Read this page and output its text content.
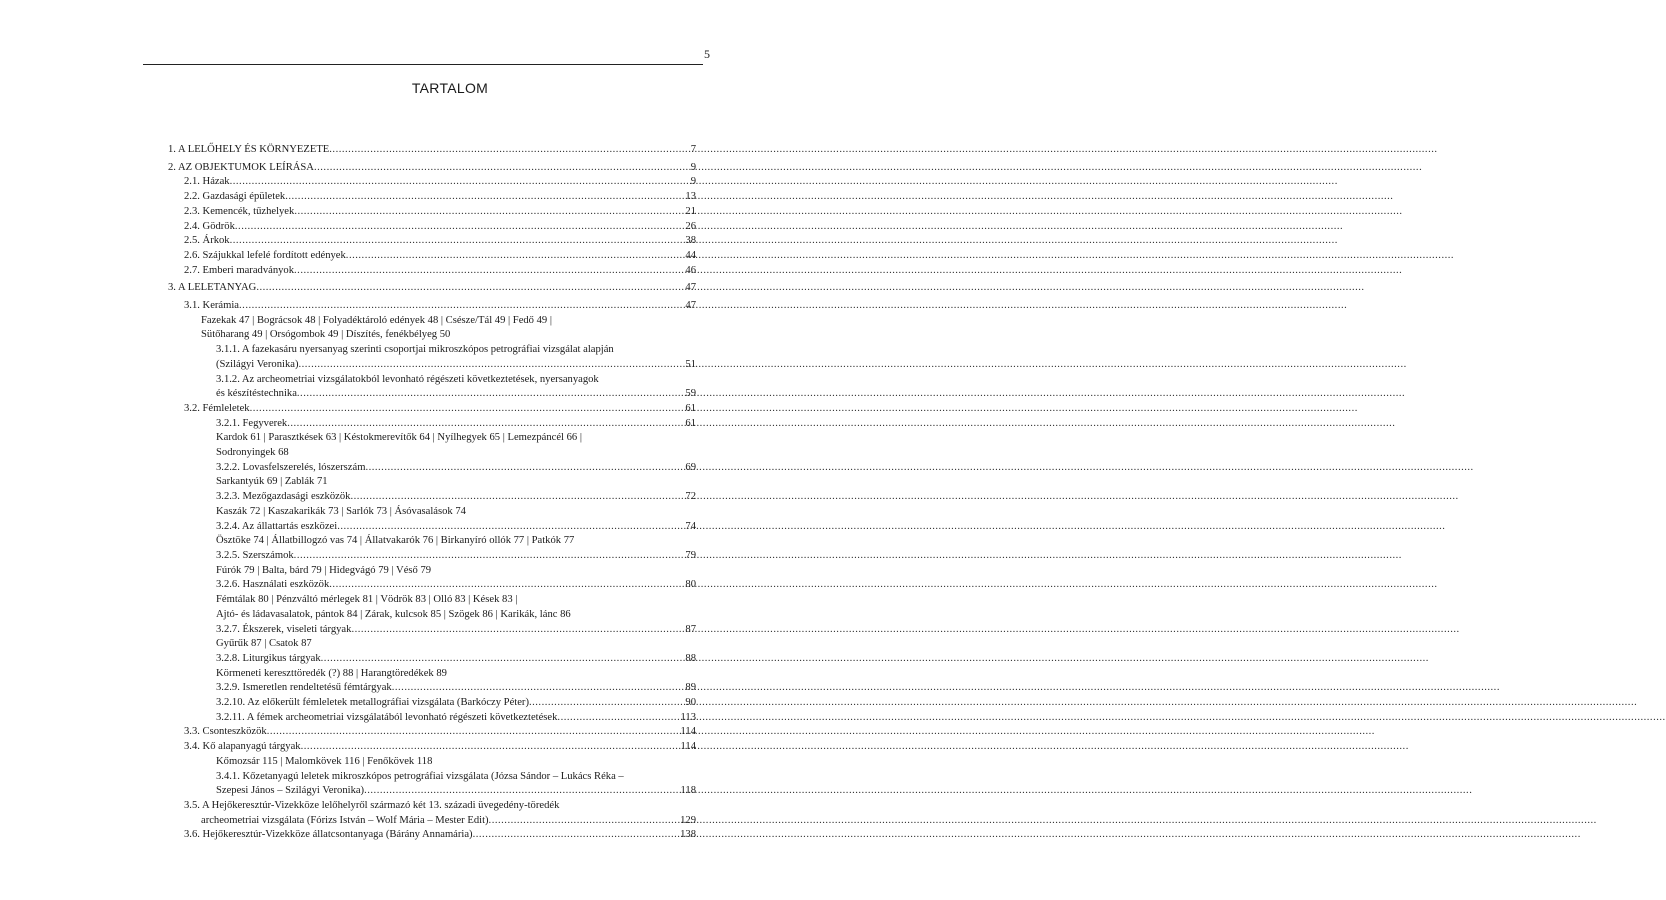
5
TARTALOM
1. A LELŐHELY ÉS KÖRNYEZETE .....	7
2. AZ OBJEKTUMOK LEÍRÁSA .....	9
2.1. Házak .....	9
2.2. Gazdasági épületek .....	13
2.3. Kemencék, tűzhelyek .....	21
2.4. Gödrök .....	26
2.5. Árkok .....	38
2.6. Szájukkal lefelé fordított edények .....	44
2.7. Emberi maradványok .....	46
3. A LELETANYAG .....	47
3.1. Kerámia .....	47
Fazekak 47 | Bográcsok 48 | Folyadéktároló edények 48 | Csésze/Tál 49 | Fedő 49 |
Sütőharang 49 | Orsógombok 49 | Díszítés, fenékbélyeg 50
3.1.1. A fazekasáru nyersanyag szerinti csoportjai mikroszkópos petrográfiai vizsgálat alapján
(Szilágyi Veronika) .....	51
3.1.2. Az archeometriai vizsgálatokból levonható régészeti következtetések, nyersanyagok
és készítéstechnika .....	59
3.2. Fémleletek .....	61
3.2.1. Fegyverek .....	61
Kardok 61 | Parasztkések 63 | Késtokmerevítők 64 | Nyílhegyek 65 | Lemezpáncél 66 |
Sodronyingek 68
3.2.2. Lovasfelszerelés, lószerszám .....	69
Sarkantyúk 69 | Zablák 71
3.2.3. Mezőgazdasági eszközök .....	72
Kaszák 72 | Kaszakarikák 73 | Sarlók 73 | Ásóvasalások 74
3.2.4. Az állattartás eszközei .....	74
Ösztöke 74 | Állatbillogzó vas 74 | Állatvakarók 76 | Birkanyíró ollók 77 | Patkók 77
3.2.5. Szerszámok .....	79
Fúrók 79 | Balta, bárd 79 | Hidegvágó 79 | Véső 79
3.2.6. Használati eszközök .....	80
Fémtálak 80 | Pénzváltó mérlegek 81 | Vödrök 83 | Olló 83 | Kések 83 |
Ajtó- és ládavasalatok, pántok 84 | Zárak, kulcsok 85 | Szögek 86 | Karikák, lánc 86
3.2.7. Ékszerek, viseleti tárgyak .....	87
Gyűrűk 87 | Csatok 87
3.2.8. Liturgikus tárgyak .....	88
Körmeneti kereszttöredék (?) 88 | Harangtöredékek 89
3.2.9. Ismeretlen rendeltetésű fémtárgyak .....	89
3.2.10. Az előkerült fémleletek metallográfiai vizsgálata (Barkóczy Péter) .....	90
3.2.11. A fémek archeometriai vizsgálatából levonható régészeti következtetések .....	113
3.3. Csonteszközök .....	114
3.4. Kő alapanyagú tárgyak .....	114
Kőmozsár 115 | Malomkövek 116 | Fenőkövek 118
3.4.1. Kőzetanyagú leletek mikroszkópos petrográfiai vizsgálata (Józsa Sándor – Lukács Réka –
Szepesi János – Szilágyi Veronika) .....	118
3.5. A Hejőkeresztúr-Vizekköze lelőhelyről származó két 13. századi üvegedény-töredék
archeometriai vizsgálata (Fórizs István – Wolf Mária – Mester Edit) .....	129
3.6. Hejőkeresztúr-Vizekköze állatcsontanyaga (Bárány Annamária) .....	138
